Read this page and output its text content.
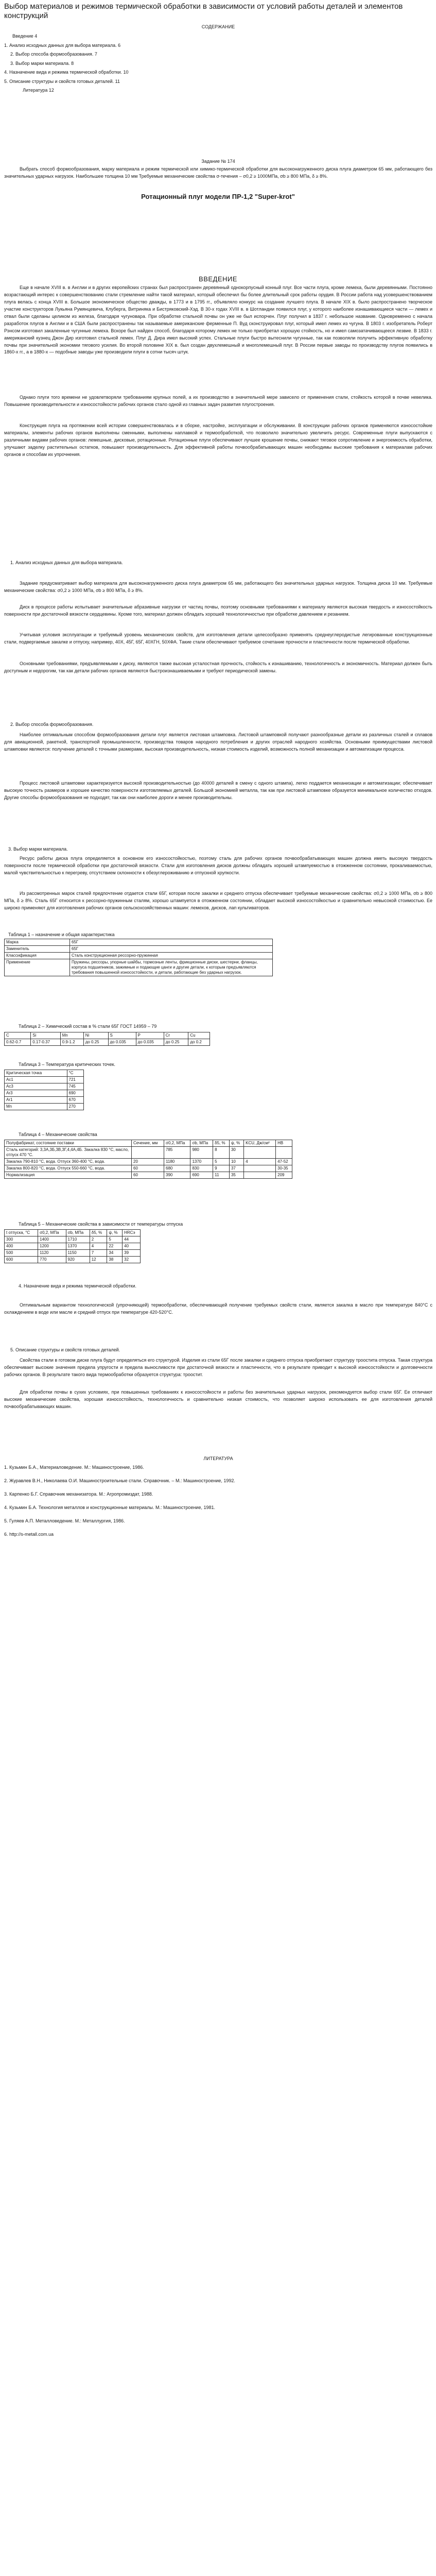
Выбор материалов и режимов термической обработки в зависимости от условий работы деталей и элементов конструкций
СОДЕРЖАНИЕ
Введение 4
1. Анализ исходных данных для выбора материала. 6
2. Выбор способа формообразования. 7
3. Выбор марки материала. 8
4. Назначение вида и режима термической обработки. 10
5. Описание структуры и свойств готовых деталей. 11
Литература 12
Задание № 174

Выбрать способ формообразования, марку материала и режим термической или химико-термической обработки для высоконагруженного диска плуга диаметром 65 мм, работающего без значительных ударных нагрузок. Наибольшее толщина 10 мм Требуемые механические свойства σ-течения – σ0,2 ≥ 1000МПа, σb ≥ 800 МПа, δ ≥ 8%.

Ротационный плуг модели ПР-1,2 "Super-krot"
ВВЕДЕНИЕ

Еще в начале XVIII в. в Англии и в других европейских странах был распространен деревянный однокорпусный конный плуг. Все части плуга, кроме лемеха, были деревянными. Постоянно возрастающий интерес к совершенствованию стали стремление найти такой материал, который обеспечил бы более длительный срок работы орудия. В России работа над усовершенствованием плуга велась с конца XVIII в. Большое экономическое общество дважды, в 1773 и в 1795 гг., объявляло конкурс на создание лучшего плуга. В начале XIX в. было распространено творческое участие конструкторов Лукьяна Румянцевича, Клуберга, Витриняка и Бистряковский-Хэд. В 30-х годах XVIII в. в Шотландии появился плуг, у которого наиболее изнашивающиеся части — лемех и отвал были сделаны целиком из железа, благодаря чугуновара. При обработке стальной почвы он уже не был испорчен. Плуг получил в 1837 г. небольшое название. Одновременно с начала разработок плугов в Англии и в США были распространены так называемые американские ферменные П. Вуд сконструировал плуг, который имел лемех из чугуна. В 1803 г. изобретатель Роберт Рэнсом изготовил закаленные чугунные лемеха. Вскоре был найден способ, благодаря которому лемех не только приобретал хорошую стойкость, но и имел самозатачивающееся лезвие. В 1833 г. американский кузнец Джон Дир изготовил стальной лемех. Плуг Д. Дира имел высокий успех. Стальные плуги быстро вытеснили чугунные, так как позволяли получить эффективную обработку почвы при значительной экономии тягового усилия. Во второй половине XIX в. был создан двухлемешный и многолемешный плуг. В России первые заводы по производству плугов появились в 1860-х гг., а в 1880-х — подобные заводы уже производили плуги в сотни тысяч штук.

Однако плуги того времени не удовлетворяли требованиям крупных полей, а их производство в значительной мере зависело от применения стали, стойкость которой в почве невелика. Повышение производительности и износостойкости рабочих органов стало одной из главных задач развития плугостроения.

Конструкция плуга на протяжении всей истории совершенствовалась и в сборке, настройке, эксплуатации и обслуживании. В конструкции рабочих органов применяются износостойкие материалы, элементы рабочих органов выполнены сменными, выполнены наплавкой и термообработкой, что позволило значительно увеличить ресурс. Современные плуги выпускаются с различными видами рабочих органов: лемешные, дисковые, ротационные. Ротационные плуги обеспечивают лучшее крошение почвы, снижают тяговое сопротивление и энергоемкость обработки, улучшают заделку растительных остатков, повышают производительность. Для эффективной работы почвообрабатывающих машин необходимы высокие требования к материалам рабочих органов и способам их упрочнения.

1. Анализ исходных данных для выбора материала.

Задание предусматривает выбор материала для высоконагруженного диска плуга диаметром 65 мм, работающего без значительных ударных нагрузок. Толщина диска 10 мм. Требуемые механические свойства: σ0,2 ≥ 1000 МПа, σb ≥ 800 МПа, δ ≥ 8%.

Диск в процессе работы испытывает значительные абразивные нагрузки от частиц почвы, поэтому основными требованиями к материалу являются высокая твердость и износостойкость поверхности при достаточной вязкости сердцевины. Кроме того, материал должен обладать хорошей технологичностью при обработке давлением и резанием.

Учитывая условия эксплуатации и требуемый уровень механических свойств, для изготовления детали целесообразно применять среднеуглеродистые легированные конструкционные стали, подвергаемые закалке и отпуску, например, 40Х, 45Г, 65Г, 40ХГН, 50ХФА. Такие стали обеспечивают требуемое сочетание прочности и пластичности после термической обработки.

Основными требованиями, предъявляемыми к диску, являются также высокая усталостная прочность, стойкость к изнашиванию, технологичность и экономичность. Материал должен быть доступным и недорогим, так как детали рабочих органов являются быстроизнашиваемыми и требуют периодической замены.

2. Выбор способа формообразования.

Наиболее оптимальным способом формообразования детали плуг является листовая штамповка. Листовой штамповкой получают разнообразные детали из различных сталей и сплавов для авиационной, ракетной, транспортной промышленности, производства товаров народного потребления и других отраслей народного хозяйства. Основными преимуществами листовой штамповки являются: получение деталей с точными размерами, высокая производительность, низкая стоимость изделий, возможность полной механизации и автоматизации процесса.

Процесс листовой штамповки характеризуется высокой производительностью (до 40000 деталей в смену с одного штампа), легко поддается механизации и автоматизации; обеспечивает высокую точность размеров и хорошее качество поверхности изготовляемых деталей. Большой экономией металла, так как при листовой штамповке образуется минимальное количество отходов. Другие способы формообразования не подходят, так как они наиболее дороги и менее производительны.

3. Выбор марки материала.

Ресурс работы диска плуга определяется в основном его износостойкостью, поэтому сталь для рабочих органов почвообрабатывающих машин должна иметь высокую твердость поверхности после термической обработки при достаточной вязкости. Стали для изготовления дисков должны обладать хорошей штампуемостью в отожженном состоянии, прокаливаемостью, малой чувствительностью к перегреву, отсутствием склонности к обезуглероживанию и отпускной хрупкости.

Из рассмотренных марок сталей предпочтение отдается стали 65Г, которая после закалки и среднего отпуска обеспечивает требуемые механические свойства: σ0,2 ≥ 1000 МПа, σb ≥ 800 МПа, δ ≥ 8%. Сталь 65Г относится к рессорно-пружинным сталям, хорошо штампуется в отожженном состоянии, обладает высокой износостойкостью и сравнительно невысокой стоимостью. Ее широко применяют для изготовления рабочих органов сельскохозяйственных машин: лемехов, дисков, лап культиваторов.

Таблица 1 – назначение и общая характеристика
Марка	65Г
Заменитель	65Г
Классификация	Сталь конструкционная рессорно-пружинная
Применение	Пружины, рессоры, упорные шайбы, тормозные ленты, фрикционные диски, шестерни, фланцы, корпуса подшипников, зажимные и подающие цанги и другие детали, к которым предъявляются требования повышенной износостойкости, и детали, работающие без ударных нагрузок.
Таблица 2 – Химический состав в % стали 65Г ГОСТ 14959 – 79
C	Si	Mn	Ni	S	P	Cr	Cu
0.62-0.7	0.17-0.37	0.9-1.2	до 0.25	до 0.035	до 0.035	до 0.25	до 0.2
Таблица 3 – Температура критических точек.
Критическая точка	°C
Ac1	721
Ac3	745
Ar3	690
Ar1	670
Mn	270
Таблица 4 – Механические свойства
Полуфабрикат, состояние поставки	Сечение, мм	σ0,2, МПа	σb, МПа	δ5, %	ψ, %	KCU, Дж/см²	HB
Сталь категорий: 3,3А,3Б,3В,3Г,4,4А,4Б. Закалка 830 °С, масло, отпуск 470 °С.		785	980	8	30		
Закалка 790-810 °С, вода. Отпуск 360-400 °С, вода.	20	1180	1370	5	10	4	47-52
Закалка 800-820 °С, вода. Отпуск 550-660 °С, вода.	60	680	830	9	37		30-35
Нормализация	60	390	690	11	35		209
Таблица 5 – Механические свойства в зависимости от температуры отпуска
t отпуска, °С	σ0,2, МПа	σb, МПа	δ5, %	ψ, %	НRCэ
300	1400	1710	2	5	44
400	1200	1370	4	22	40
500	1120	1150	7	34	39
600	770	920	12	38	32
4. Назначение вида и режима термической обработки.

Оптимальным вариантом технологической (упрочняющей) термообработки, обеспечивающей получение требуемых свойств стали, является закалка в масло при температуре 840°С с охлаждением в воде или масле и средний отпуск при температуре 420-520°С.

5. Описание структуры и свойств готовых деталей.

Свойства стали в готовом диске плуга будут определяться его структурой. Изделия из стали 65Г после закалки и среднего отпуска приобретают структуру троостита отпуска. Такая структура обеспечивает высокие значения предела упругости и предела выносливости при достаточной вязкости и пластичности, что в результате приводит к высокой износостойкости и долговечности рабочих органов. В результате такого вида термообработки образуется структура: троостит.

Для обработки почвы в сухих условиях, при повышенных требованиях к износостойкости и работы без значительных ударных нагрузок, рекомендуется выбор стали 65Г. Ее отличают высокие механические свойства, хорошая износостойкость, технологичность и сравнительно низкая стоимость, что позволяет широко использовать ее для изготовления деталей почвообрабатывающих машин.

ЛИТЕРАТУРА
1. Кузьмин Б.А., Материаловедение. М.: Машиностроение, 1986.
2. Журавлев В.Н., Николаева О.И. Машиностроительные стали. Справочник. – М.: Машиностроение, 1992.
3. Карпенко Б.Г. Справочник механизатора. М.: Агропромиздат, 1988.
4. Кузьмин Б.А. Технология металлов и конструкционные материалы. М.: Машиностроение, 1981.
5. Гуляев А.П. Металловедение. М.: Металлургия, 1986.
6. http://s-metall.com.ua
